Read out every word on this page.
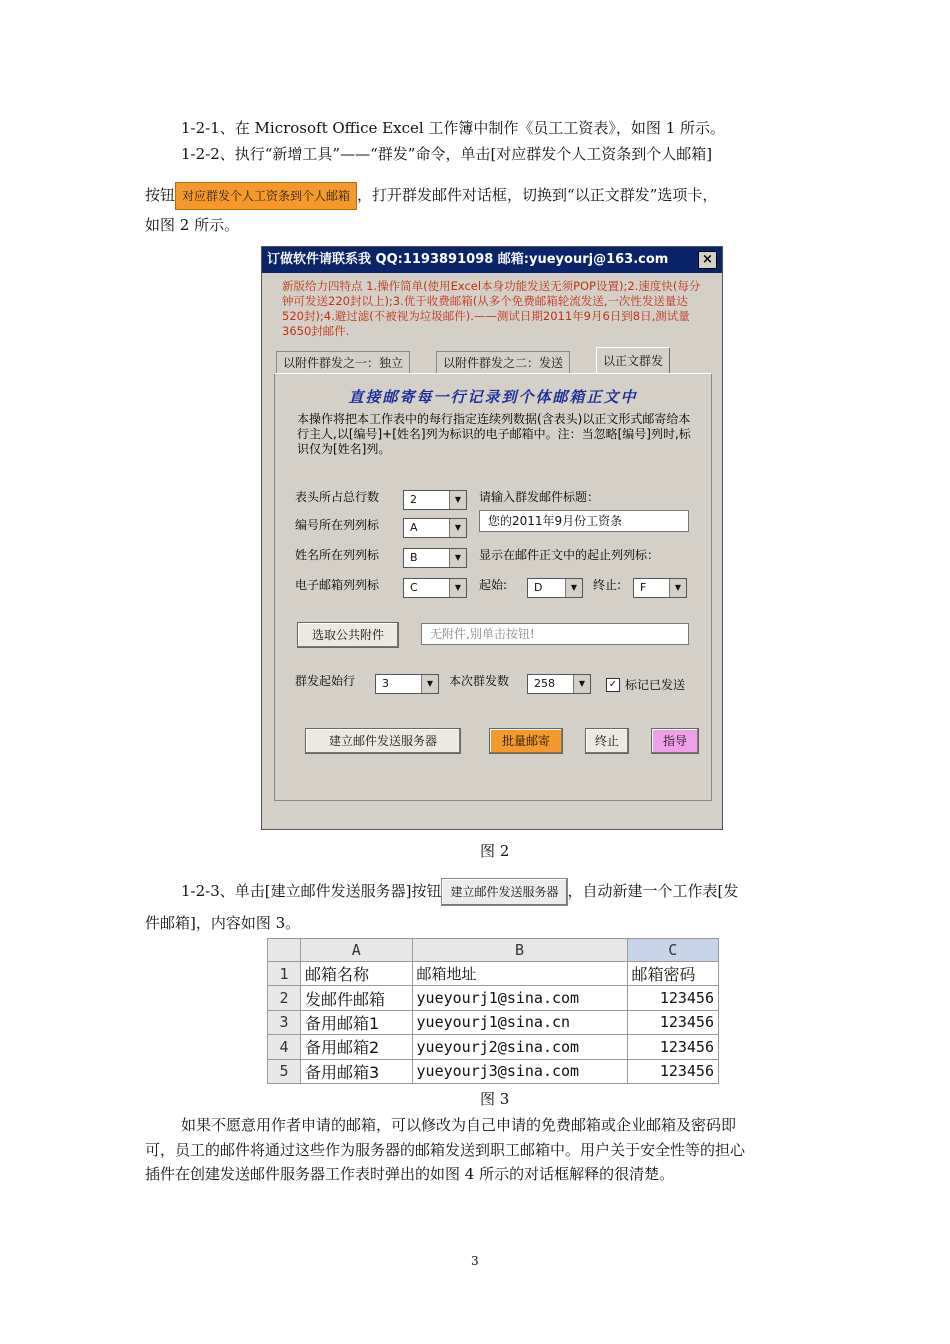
1-2-1、在 Microsoft Office Excel 工作簿中制作《员工工资表》，如图 1 所示。
1-2-2、执行“新增工具”——“群发”命令，单击[对应群发个人工资条到个人邮箱]
按钮 对应群发个人工资条到个人邮箱 ，打开群发邮件对话框，切换到“以正文群发”选项卡，
如图 2 所示。
订做软件请联系我 QQ:1193891098 邮箱:yueyourj@163.com	×
新版给力四特点 1.操作简单(使用Excel本身功能发送无须POP设置);2.速度快(每分钟可发送220封以上);3.优于收费邮箱(从多个免费邮箱轮流发送,一次性发送量达520封);4.避过滤(不被视为垃圾邮件).——测试日期2011年9月6日到8日,测试量3650封邮件.
以附件群发之一：独立	以附件群发之二：发送	以正文群发
直接邮寄每一行记录到个体邮箱正文中
本操作将把本工作表中的每行指定连续列数据(含表头)以正文形式邮寄给本行主人,以[编号]+[姓名]列为标识的电子邮箱中。注：当忽略[编号]列时,标识仅为[姓名]列。
表头所占总行数	2	▼
编号所在列列标	A	▼
姓名所在列列标	B	▼
电子邮箱列列标	C	▼
请输入群发邮件标题：
您的2011年9月份工资条
显示在邮件正文中的起止列列标：
起始:	D	▼	终止:	F	▼
选取公共附件	无附件,别单击按钮!
群发起始行	3	▼	本次群发数	258	▼	✓ 标记已发送
建立邮件发送服务器	批量邮寄	终止	指导
图 2
1-2-3、单击[建立邮件发送服务器]按钮 建立邮件发送服务器 ，自动新建一个工作表[发
件邮箱]，内容如图 3。
	A	B	C
1	邮箱名称	邮箱地址	邮箱密码
2	发邮件邮箱	yueyourj1@sina.com	123456
3	备用邮箱1	yueyourj1@sina.cn	123456
4	备用邮箱2	yueyourj2@sina.com	123456
5	备用邮箱3	yueyourj3@sina.com	123456
图 3
如果不愿意用作者申请的邮箱，可以修改为自己申请的免费邮箱或企业邮箱及密码即
可，员工的邮件将通过这些作为服务器的邮箱发送到职工邮箱中。用户关于安全性等的担心
插件在创建发送邮件服务器工作表时弹出的如图 4 所示的对话框解释的很清楚。
3
